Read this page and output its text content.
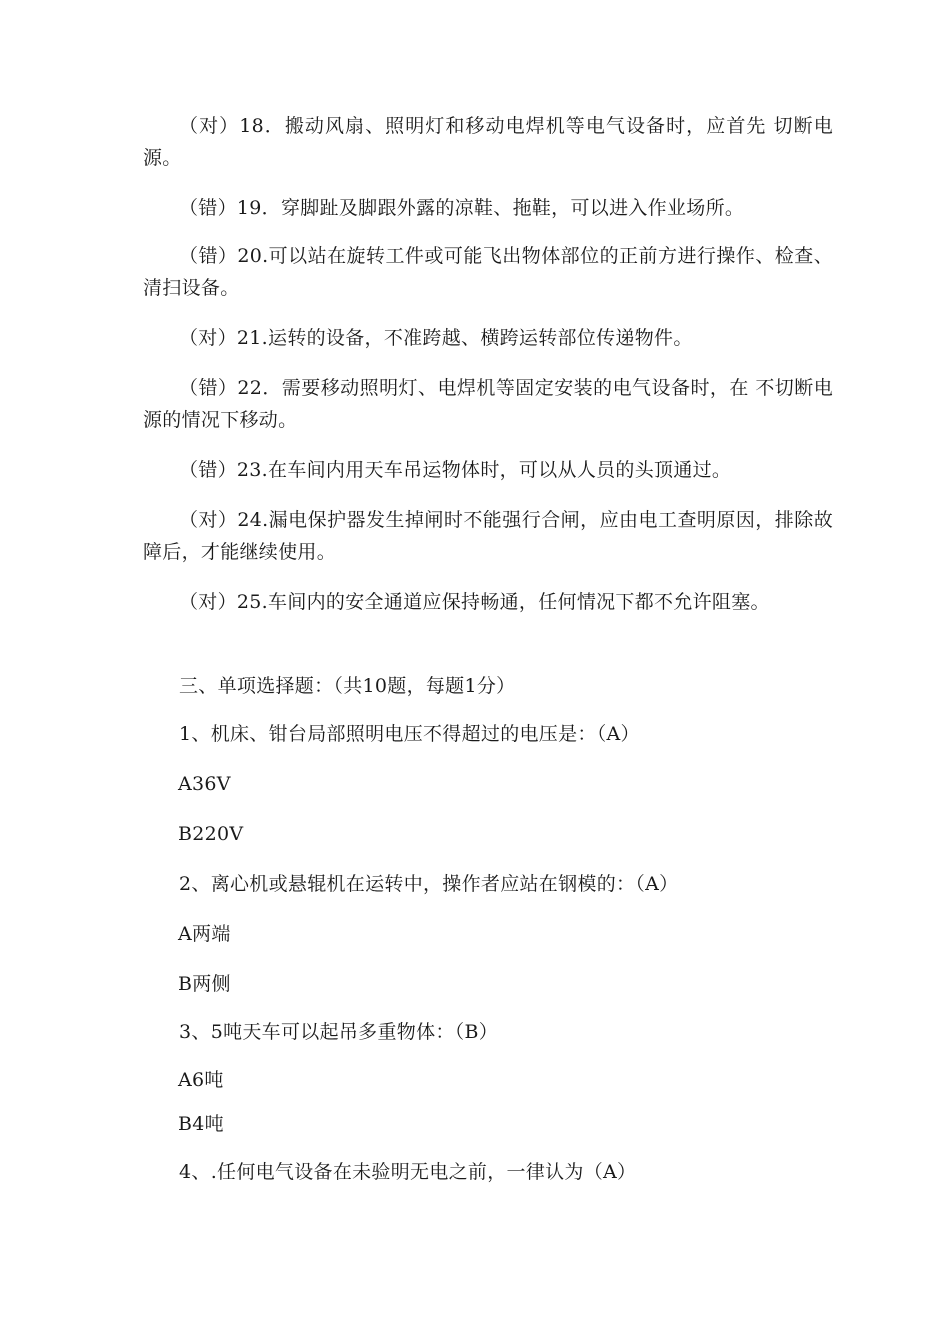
（对）18．搬动风扇、照明灯和移动电焊机等电气设备时，应首先 切断电源。
（错）19．穿脚趾及脚跟外露的凉鞋、拖鞋，可以进入作业场所。
（错）20.可以站在旋转工件或可能飞出物体部位的正前方进行操作、检查、清扫设备。
（对）21.运转的设备，不准跨越、横跨运转部位传递物件。
（错）22．需要移动照明灯、电焊机等固定安装的电气设备时，在 不切断电源的情况下移动。
（错）23.在车间内用天车吊运物体时，可以从人员的头顶通过。
（对）24.漏电保护器发生掉闸时不能强行合闸，应由电工查明原因，排除故障后，才能继续使用。
（对）25.车间内的安全通道应保持畅通，任何情况下都不允许阻塞。
三、单项选择题：（共10题，每题1分）
1、机床、钳台局部照明电压不得超过的电压是：（A）
A36V
B220V
2、离心机或悬辊机在运转中，操作者应站在钢模的：（A）
A两端
B两侧
3、5吨天车可以起吊多重物体：（B）
A6吨
B4吨
4、.任何电气设备在未验明无电之前，一律认为（A）
